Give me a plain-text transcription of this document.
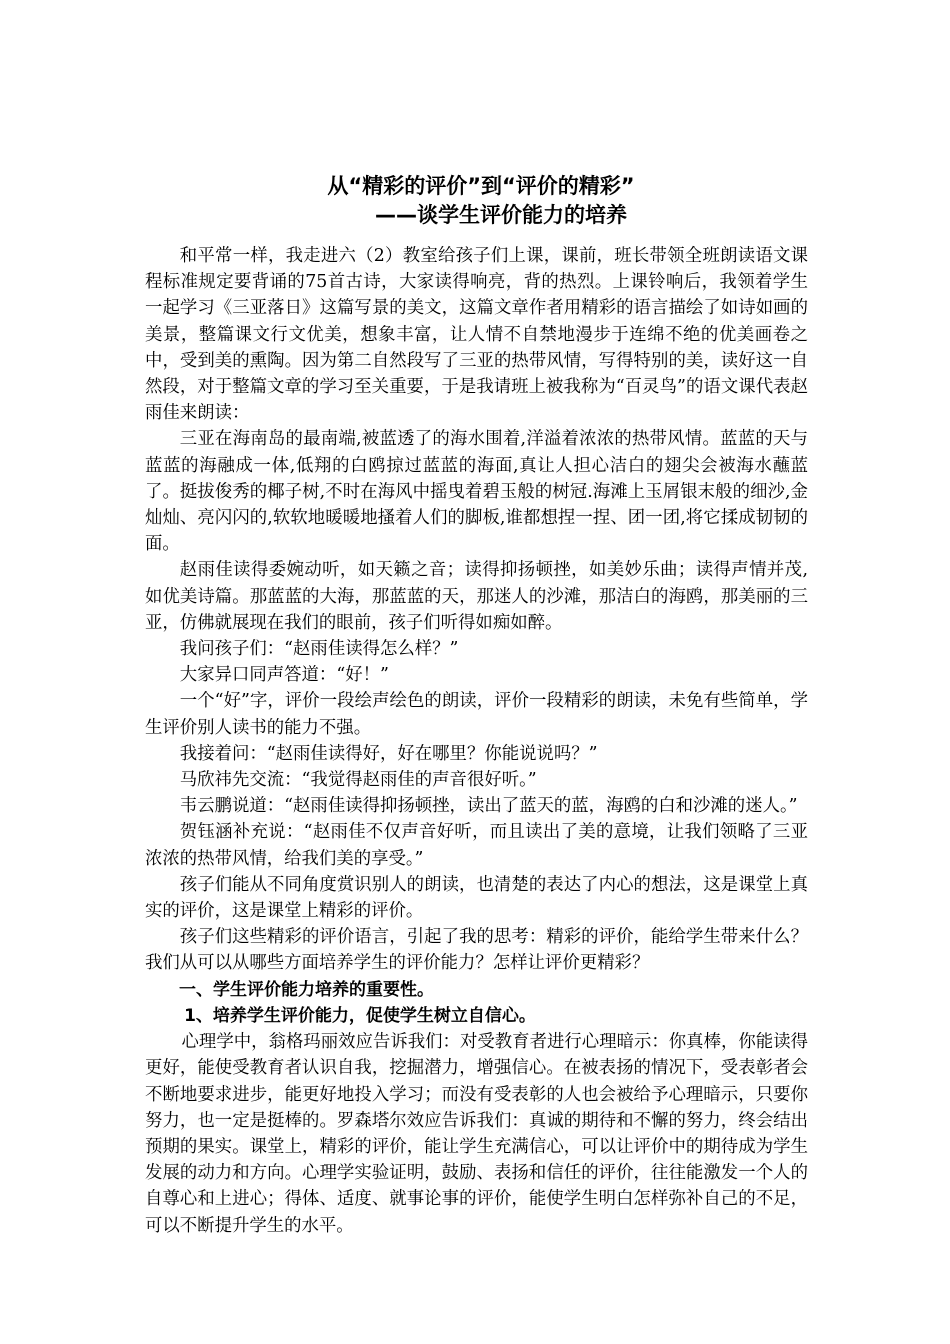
从“精彩的评价”到“评价的精彩”
——谈学生评价能力的培养

和平常一样，我走进六（2）教室给孩子们上课，课前，班长带领全班朗读语文课程标准规定要背诵的75首古诗，大家读得响亮，背的热烈。上课铃响后，我领着学生一起学习《三亚落日》这篇写景的美文，这篇文章作者用精彩的语言描绘了如诗如画的美景，整篇课文行文优美，想象丰富，让人情不自禁地漫步于连绵不绝的优美画卷之中，受到美的熏陶。因为第二自然段写了三亚的热带风情，写得特别的美，读好这一自然段，对于整篇文章的学习至关重要，于是我请班上被我称为“百灵鸟”的语文课代表赵雨佳来朗读：

三亚在海南岛的最南端,被蓝透了的海水围着,洋溢着浓浓的热带风情。蓝蓝的天与蓝蓝的海融成一体,低翔的白鸥掠过蓝蓝的海面,真让人担心洁白的翅尖会被海水蘸蓝了。挺拔俊秀的椰子树,不时在海风中摇曳着碧玉般的树冠.海滩上玉屑银末般的细沙,金灿灿、亮闪闪的,软软地暖暖地搔着人们的脚板,谁都想捏一捏、团一团,将它揉成韧韧的面。

赵雨佳读得委婉动听，如天籁之音；读得抑扬顿挫，如美妙乐曲；读得声情并茂,如优美诗篇。那蓝蓝的大海，那蓝蓝的天，那迷人的沙滩，那洁白的海鸥，那美丽的三亚，仿佛就展现在我们的眼前，孩子们听得如痴如醉。

我问孩子们：“赵雨佳读得怎么样？”

大家异口同声答道：“好！”

一个“好”字，评价一段绘声绘色的朗读，评价一段精彩的朗读，未免有些简单，学生评价别人读书的能力不强。

我接着问：“赵雨佳读得好，好在哪里？你能说说吗？”

马欣祎先交流：“我觉得赵雨佳的声音很好听。”

韦云鹏说道：“赵雨佳读得抑扬顿挫，读出了蓝天的蓝，海鸥的白和沙滩的迷人。”

贺钰涵补充说：“赵雨佳不仅声音好听，而且读出了美的意境，让我们领略了三亚浓浓的热带风情，给我们美的享受。”

孩子们能从不同角度赏识别人的朗读，也清楚的表达了内心的想法，这是课堂上真实的评价，这是课堂上精彩的评价。

孩子们这些精彩的评价语言，引起了我的思考：精彩的评价，能给学生带来什么？我们从可以从哪些方面培养学生的评价能力？怎样让评价更精彩？

一、学生评价能力培养的重要性。

1、培养学生评价能力，促使学生树立自信心。

心理学中，翁格玛丽效应告诉我们：对受教育者进行心理暗示：你真棒，你能读得更好，能使受教育者认识自我，挖掘潜力，增强信心。在被表扬的情况下，受表彰者会不断地要求进步，能更好地投入学习；而没有受表彰的人也会被给予心理暗示，只要你努力，也一定是挺棒的。罗森塔尔效应告诉我们：真诚的期待和不懈的努力，终会结出预期的果实。课堂上，精彩的评价，能让学生充满信心，可以让评价中的期待成为学生发展的动力和方向。心理学实验证明，鼓励、表扬和信任的评价，往往能激发一个人的自尊心和上进心；得体、适度、就事论事的评价，能使学生明白怎样弥补自己的不足，可以不断提升学生的水平。
